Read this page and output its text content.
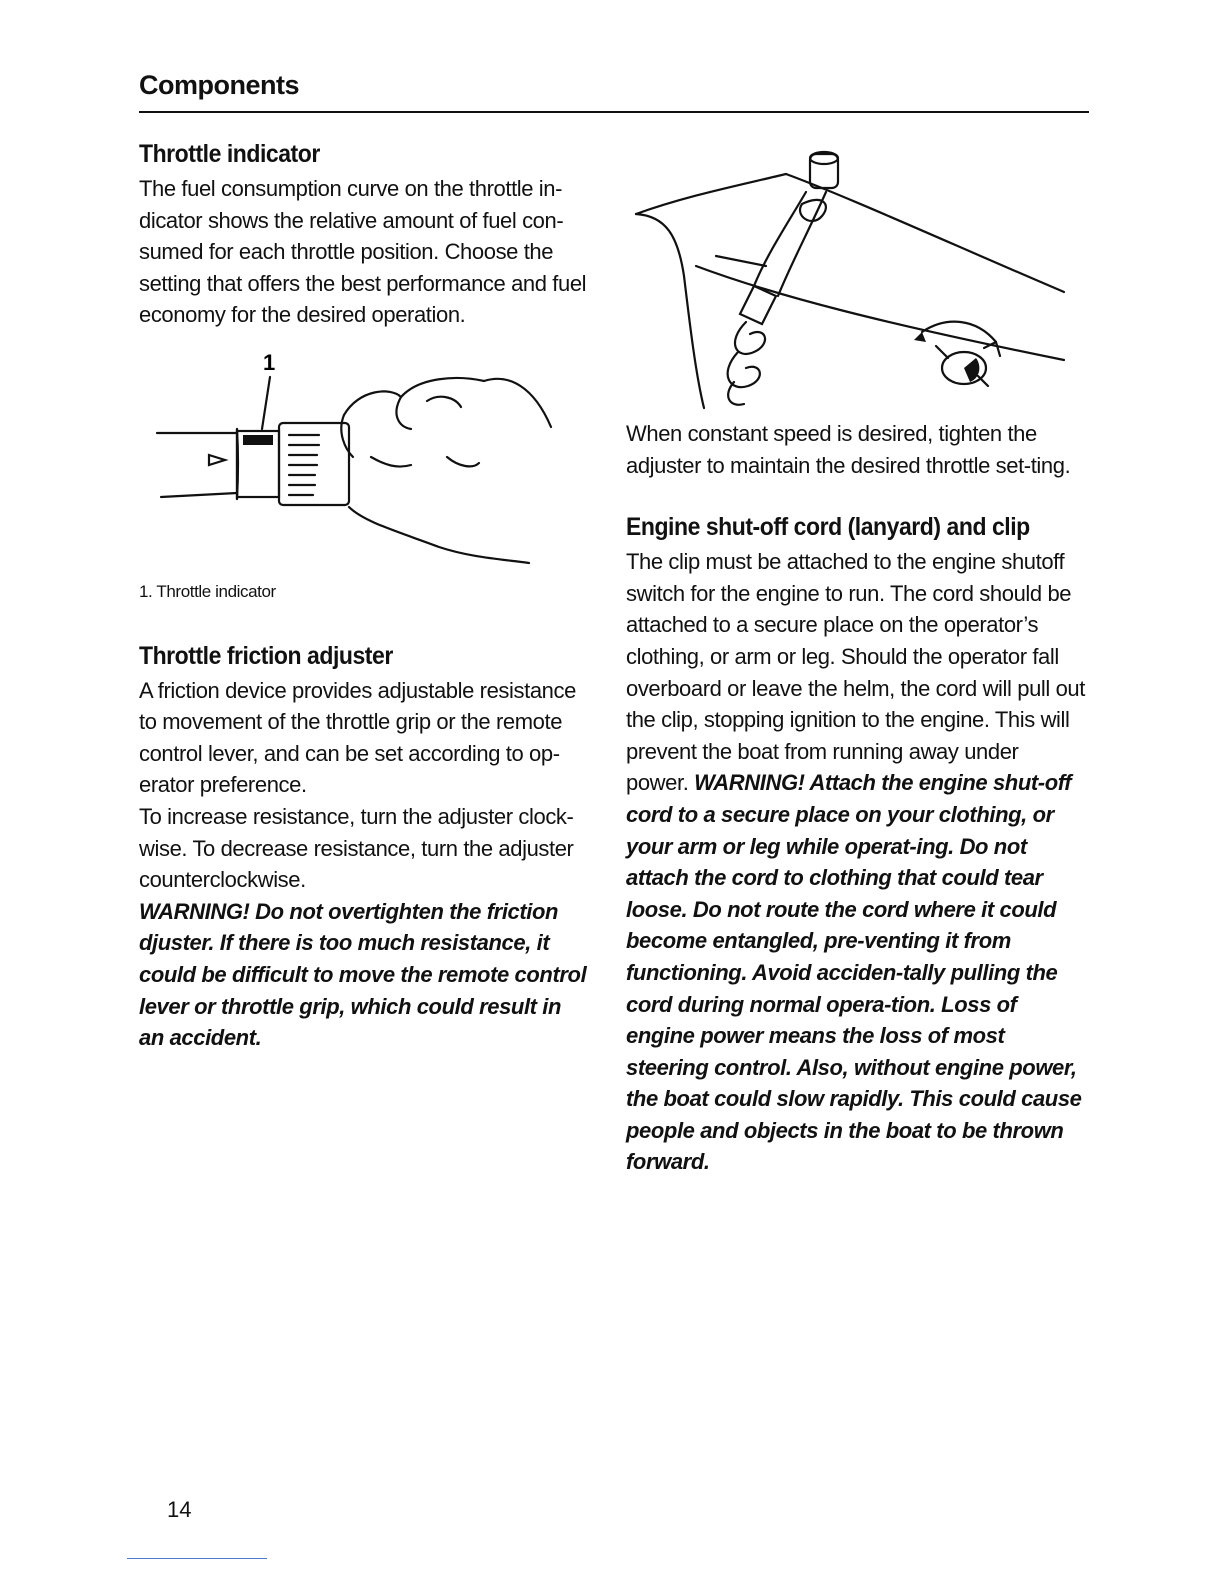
Components
Throttle indicator

The fuel consumption curve on the throttle in-dicator shows the relative amount of fuel con-sumed for each throttle position. Choose the setting that offers the best performance and fuel economy for the desired operation.

1

1. Throttle indicator

Throttle friction adjuster

A friction device provides adjustable resistance to movement of the throttle grip or the remote control lever, and can be set according to op-erator preference.

To increase resistance, turn the adjuster clock-wise. To decrease resistance, turn the adjuster counterclockwise.

WARNING! Do not overtighten the friction djuster. If there is too much resistance, it could be difficult to move the remote control lever or throttle grip, which could result in an accident.

When constant speed is desired, tighten the adjuster to maintain the desired throttle set-ting.

Engine shut-off cord (lanyard) and clip

The clip must be attached to the engine shutoff switch for the engine to run. The cord should be attached to a secure place on the operator’s clothing, or arm or leg. Should the operator fall overboard or leave the helm, the cord will pull out the clip, stopping ignition to the engine. This will prevent the boat from running away under power. WARNING! Attach the engine shut-off cord to a secure place on your clothing, or your arm or leg while operat-ing. Do not attach the cord to clothing that could tear loose. Do not route the cord where it could become entangled, pre-venting it from functioning. Avoid acciden-tally pulling the cord during normal opera-tion. Loss of engine power means the loss of most steering control. Also, without engine power, the boat could slow rapidly. This could cause people and objects in the boat to be thrown forward.

14
